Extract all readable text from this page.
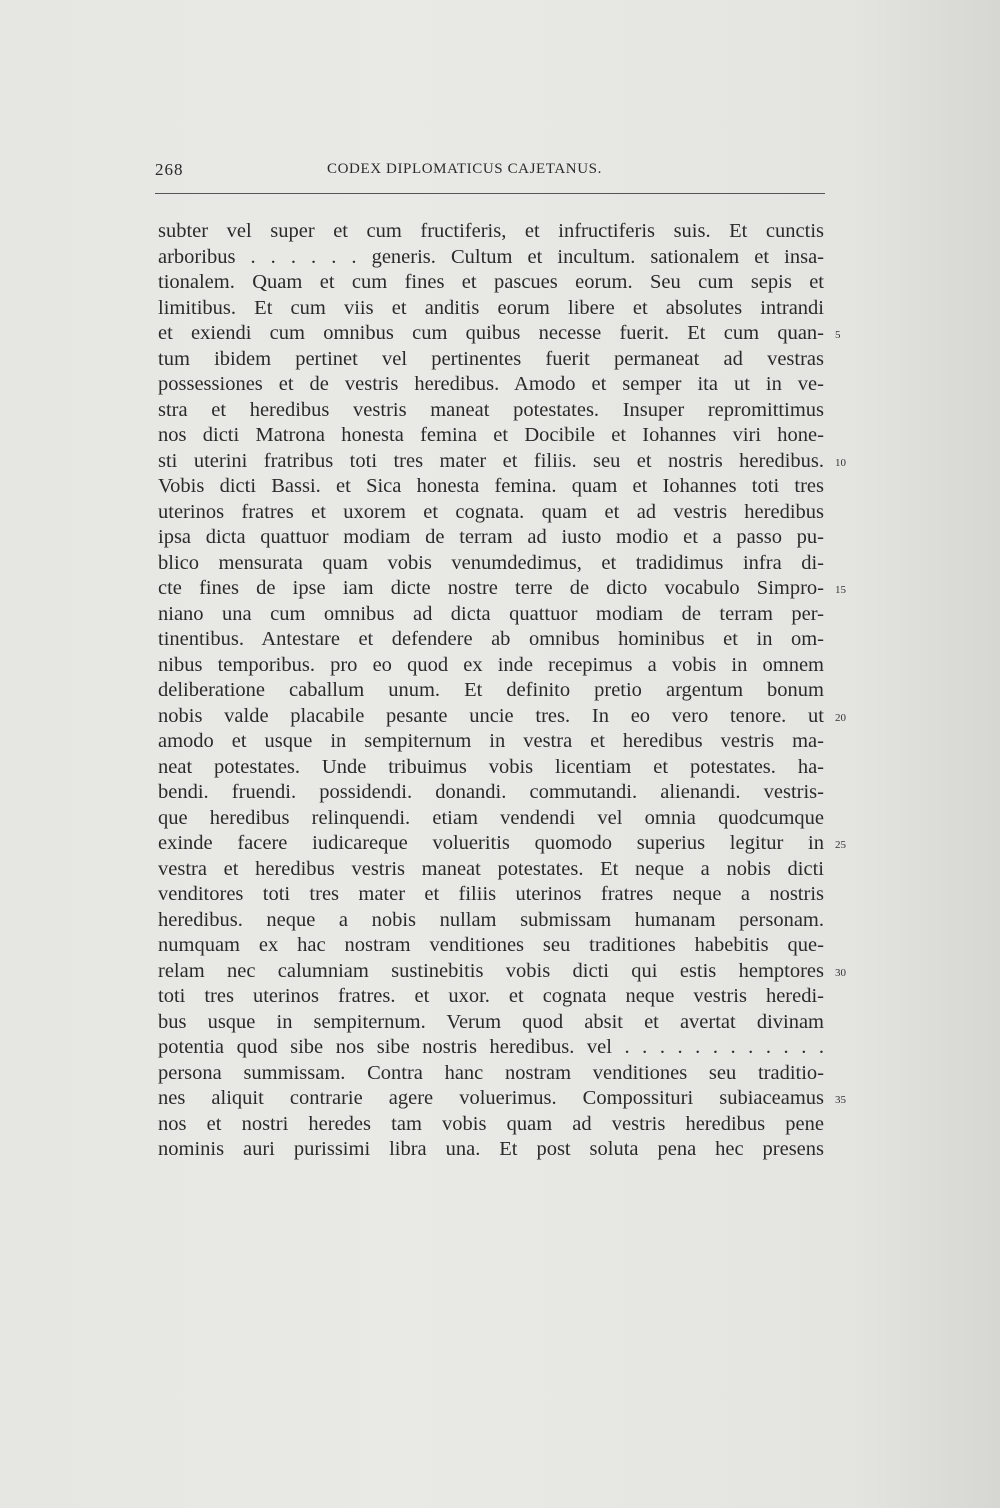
268	CODEX DIPLOMATICUS CAJETANUS.
subter vel super et cum fructiferis, et infructiferis suis. Et cunctis
arboribus . . . . . . generis. Cultum et incultum. sationalem et insa-
tionalem. Quam et cum fines et pascues eorum. Seu cum sepis et
limitibus. Et cum viis et anditis eorum libere et absolutes intrandi
et exiendi cum omnibus cum quibus necesse fuerit. Et cum quan-
tum ibidem pertinet vel pertinentes fuerit permaneat ad vestras
possessiones et de vestris heredibus. Amodo et semper ita ut in ve-
stra et heredibus vestris maneat potestates. Insuper repromittimus
nos dicti Matrona honesta femina et Docibile et Iohannes viri hone-
sti uterini fratribus toti tres mater et filiis. seu et nostris heredibus.
Vobis dicti Bassi. et Sica honesta femina. quam et Iohannes toti tres
uterinos fratres et uxorem et cognata. quam et ad vestris heredibus
ipsa dicta quattuor modiam de terram ad iusto modio et a passo pu-
blico mensurata quam vobis venumdedimus, et tradidimus infra di-
cte fines de ipse iam dicte nostre terre de dicto vocabulo Simpro-
niano una cum omnibus ad dicta quattuor modiam de terram per-
tinentibus. Antestare et defendere ab omnibus hominibus et in om-
nibus temporibus. pro eo quod ex inde recepimus a vobis in omnem
deliberatione caballum unum. Et definito pretio argentum bonum
nobis valde placabile pesante uncie tres. In eo vero tenore. ut
amodo et usque in sempiternum in vestra et heredibus vestris ma-
neat potestates. Unde tribuimus vobis licentiam et potestates. ha-
bendi. fruendi. possidendi. donandi. commutandi. alienandi. vestris-
que heredibus relinquendi. etiam vendendi vel omnia quodcumque
exinde facere iudicareque volueritis quomodo superius legitur in
vestra et heredibus vestris maneat potestates. Et neque a nobis dicti
venditores toti tres mater et filiis uterinos fratres neque a nostris
heredibus. neque a nobis nullam submissam humanam personam.
numquam ex hac nostram venditiones seu traditiones habebitis que-
relam nec calumniam sustinebitis vobis dicti qui estis hemptores
toti tres uterinos fratres. et uxor. et cognata neque vestris heredi-
bus usque in sempiternum. Verum quod absit et avertat divinam
potentia quod sibe nos sibe nostris heredibus. vel . . . . . . . . . . . .
persona summissam. Contra hanc nostram venditiones seu traditio-
nes aliquit contrarie agere voluerimus. Compossituri subiaceamus
nos et nostri heredes tam vobis quam ad vestris heredibus pene
nominis auri purissimi libra una. Et post soluta pena hec presens
5
10
15
20
25
30
35
